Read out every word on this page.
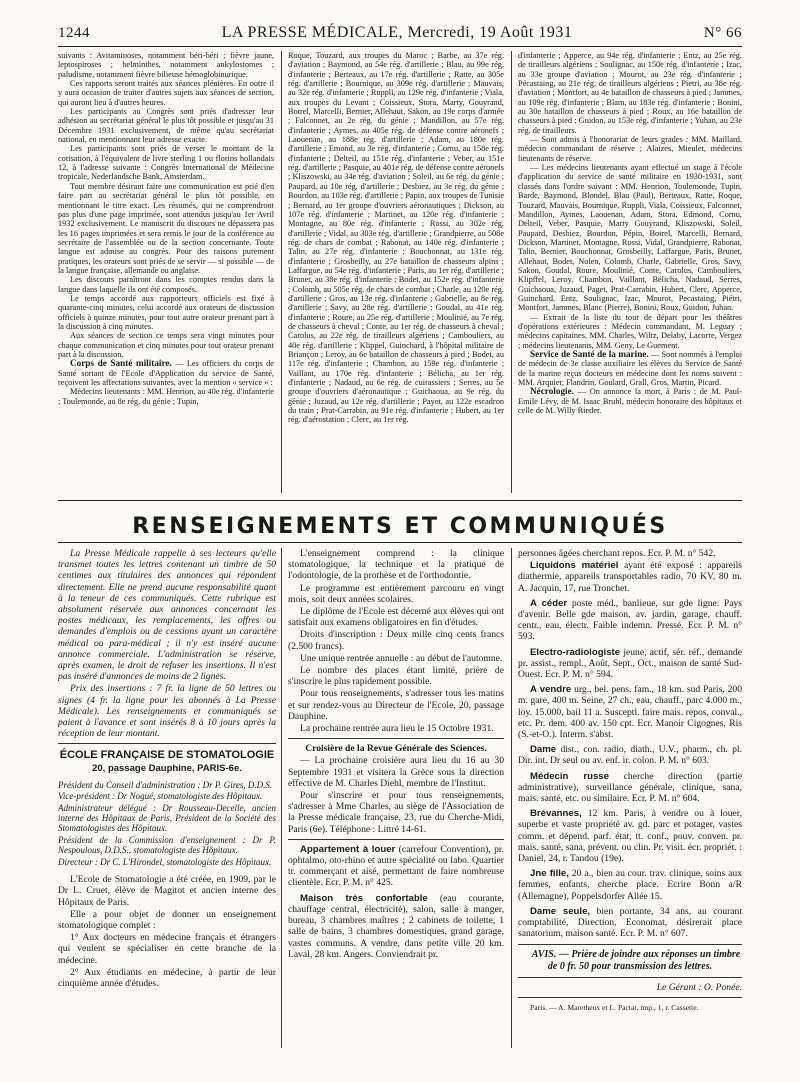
1244	LA PRESSE MÉDICALE, Mercredi, 19 Août 1931	N° 66

suivants : Avitaminoses, notamment béri-béri ; fièvre jaune, leptospiroses ; helminthes, notamment ankylostomes ; paludisme, notamment fièvre bilieuse hémoglobinurique.

Ces rapports seront traités aux séances plénières. En outre il y aura occasion de traiter d'autres sujets aux séances de section, qui auront lieu à d'autres heures.

Les participants au Congrès sont priés d'adresser leur adhésion au secrétariat général le plus tôt possible et jusqu'au 31 Décembre 1931 exclusivement, de même qu'au secrétariat national, en mentionnant leur adresse exacte.

Les participants sont priés de verser le montant de la cotisation, à l'équivalent de livre sterling 1 ou florins hollandais 12, à l'adresse suivante : Congrès International de Médecine tropicale, Nederlandsche Bank, Amsterdam.

Tout membre désirant faire une communication est prié d'en faire part au secrétariat général le plus tôt possible, en mentionnant le titre exact. Les résumés, qui ne comprendront pas plus d'une page imprimée, sont attendus jusqu'au 1er Avril 1932 exclusivement. Le manuscrit du discours ne dépassera pas les 16 pages imprimées et sera remis le jour de la conférence au secrétaire de l'assemblée ou de la section concernante. Toute langue est admise au congrès. Pour des raisons purement pratiques, les orateurs sont priés de se servir — si possible — de la langue française, allemande ou anglaise.

Les discours paraîtront dans les comptes rendus dans la langue dans laquelle ils ont été composés.

Le temps accordé aux rapporteurs officiels est fixé à quarante-cinq minutes, celui accordé aux orateurs de discussion officiels à quinze minutes, pour tout autre orateur prenant part à la discussion à cinq minutes.

Aux séances de section ce temps sera vingt minutes pour chaque communication et cinq minutes pour tout orateur prenant part à la discussion.

Corps de Santé militaire. — Les officiers du corps de Santé sortant de l'Ecole d'Application du service de Santé, reçoivent les affectations suivantes, avec la mention « service » :

Médecins lieutenants : MM. Henrion, au 40e rég. d'infanterie ; Toulemonde, au 8e rég. du génie ; Tupin,

Roque, Touzard, aux troupes du Maroc ; Barbe, au 37e rég. d'aviation ; Baymond, au 54e rég. d'artillerie ; Blau, au 99e rég. d'infanterie ; Berteaux, au 17e rég. d'artillerie ; Ratte, au 305e rég. d'artillerie ; Bournique, au 309e rég. d'artillerie ; Mauvais, au 32e rég. d'infanterie ; Ruppli, au 129e rég. d'infanterie ; Viala, aux troupes du Levant ; Coissieux, Stora, Marty, Gouyrand, Botrel, Marcelli, Bernier, Allehaut, Sakon, au 19e corps d'armée ; Falconnet, au 2e rég. du génie ; Mandillon, au 57e rég. d'infanterie ; Aymes, au 405e rég. de défense contre aéronefs ; Laouenan, au 188e rég. d'artillerie ; Adam, au 180e rég. d'artillerie ; Emond, au 3e rég. d'infanterie ; Cornu, au 158e rég. d'infanterie ; Delteil, au 151e rég. d'infanterie ; Veber, au 151e rég. d'artillerie ; Pasquie, au 401e rég. de défense contre aéronefs ; Kliszowski, au 34e rég. d'aviation ; Soleil, au 6e rég. du génie ; Paupard, au 10e rég. d'artillerie ; Desbiez, au 3e rég. du génie ; Bourdon, au 103e rég. d'artillerie ; Papin, aux troupes de Tunisie ; Bernard, au 1er groupe d'ouvriers aéronautiques ; Dickson, au 107e rég. d'infanterie ; Martinet, au 120e rég. d'infanterie ; Montagne, au 80e rég. d'infanterie ; Rossi, au 302e rég. d'artillerie ; Vidal, au 303e rég. d'artillerie ; Grandpierre, au 508e rég. de chars de combat ; Rabonat, au 140e rég. d'infanterie ; Talin, au 27e rég. d'infanterie ; Bouchonnat, au 131e rég. d'infanterie ; Grosbeilly, au 27e bataillon de chasseurs alpins ; Laffargue, au 54e rég. d'infanterie ; Paris, au 1er rég. d'artillerie ; Brunet, au 38e rég. d'infanterie ; Bodet, au 152e rég. d'infanterie ; Colomb, au 505e rég. de chars de combat ; Charle, au 120e rég. d'artillerie ; Gros, au 13e rég. d'infanterie ; Gabrielle, au 8e rég. d'artillerie ; Savy, au 28e rég. d'artillerie ; Goudal, au 41e rég. d'infanterie ; Roure, au 25e rég. d'artillerie ; Moulinié, au 7e rég. de chasseurs à cheval ; Conte, au 1er rég. de chasseurs à cheval ; Carolus, au 22e rég. de tirailleurs algériens ; Cambouliers, au 40e rég. d'artillerie ; Klippel, Guinchard, à l'hôpital militaire de Briançon ; Leroy, au 6e bataillon de chasseurs à pied ; Bodet, au 117e rég. d'infanterie ; Chambon, au 159e rég. d'infanterie ; Vaillant, au 170e rég. d'infanterie ; Bélicha, au 1er rég. d'infanterie ; Nadaud, au 6e rég. de cuirassiers ; Serres, au 5e groupe d'ouvriers d'aéronautique ; Guichaoua, au 9e rég. du génie ; Juzaud, au 12e rég. d'artillerie ; Payet, au 122e escadron du train ; Prat-Carrabin, au 91e rég. d'infanterie ; Hubert, au 1er rég. d'aérostation ; Clerc, au 1er rég.

d'infanterie ; Apperce, au 94e rég. d'infanterie ; Entz, au 25e rég. de tirailleurs algériens ; Soulignac, au 150e rég. d'infanterie ; Izac, au 33e groupe d'aviation ; Mourot, au 23e rég. d'infanterie ; Pécastaing, au 21e rég. de tirailleurs algériens ; Pietri, au 38e rég. d'aviation ; Montfort, au 4e bataillon de chasseurs à pied ; Jammes, au 109e rég. d'infanterie ; Blam, au 183e rég. d'infanterie ; Bonini, au 30e bataillon de chasseurs à pied ; Roux, au 16e bataillon de chasseurs à pied ; Guidon, au 153e rég. d'infanterie ; Yuhan, au 23e rég. de tirailleurs.

— Sont admis à l'honorariat de leurs grades : MM. Maillard, médecin commandant de réserve ; Alaizes, Mieulet, médecins lieutenants de réserve.

— Les médecins lieutenants ayant effectué un stage à l'école d'application du service de santé militaire en 1930-1931, sont classés dans l'ordre suivant : MM. Henrion, Toulemonde, Tupin, Barde, Baymond, Blondel, Blau (Paul), Berteaux, Ratte, Roque, Touzard, Mauvais, Bournique, Ruppli, Viala, Coissieux, Falconnet, Mandillon, Aymes, Laouenan, Adam, Stora, Edmond, Cornu, Delteil, Veber, Pasquie, Marty Gouyrand, Kliszowski, Soleil, Paupard, Desbiez, Bourdon, Pépin, Botrel, Marcelli, Bernard, Dickson, Martinet, Montagne, Rossi, Vidal, Grandpierre, Rabonat, Talin, Bernier, Bouchonnat, Grosbeilly, Laffargue, Paris, Brunet, Allehaut, Bodet, Nolen, Colomb, Charle, Gabrielle, Gros, Savy, Sakon, Goudal, Roure, Moulinié, Conte, Carolus, Cambouliers, Klipffel, Leroy, Chambon, Vaillant, Bélicha, Nadaud, Serres, Guichaoua, Juzaud, Paget, Prat-Carrabin, Hubert, Clerc, Apperce, Guinchard, Entz, Soulignac, Izac, Mourot, Pecastaing, Piétri, Montfort, Jammes, Blanc (Pierre), Bonini, Roux, Guidon, Juhan.

— Extrait de la liste du tour de départ pour les théâtres d'opérations extérieures : Médecin commandant, M. Leguay ; médecins capitaines, MM. Charles, Wiltz, Delaby, Lacorre, Vergez ; médecins lieutenants, MM. Geny, Le Guement.

Service de Santé de la marine. — Sont nommés à l'emploi de médecin de 3e classe auxiliaire les élèves du Service de Santé de la marine reçus docteurs en médecine dont les noms suivent : MM. Arquier, Flandrin, Goulard, Grall, Gros, Martin, Picard.

Nécrologie. — On annonce la mort, à Paris : de M. Paul-Emile Lévy, de M. Isaac Bruhl, médecin honoraire des hôpitaux et celle de M. Willy Rieder.

RENSEIGNEMENTS ET COMMUNIQUÉS

La Presse Médicale rappelle à ses lecteurs qu'elle transmet toutes les lettres contenant un timbre de 50 centimes aux titulaires des annonces qui répondent directement. Elle ne prend aucune responsabilité quant à la teneur de ces communiqués. Cette rubrique est absolument réservée aux annonces concernant les postes médicaux, les remplacements, les offres ou demandes d'emplois ou de cessions ayant un caractère médical ou para-médical ; il n'y est inséré aucune annonce commerciale. L'administration se réserve, après examen, le droit de refuser les insertions. Il n'est pas inséré d'annonces de moins de 2 lignes.

Prix des insertions : 7 fr. la ligne de 50 lettres ou signes (4 fr. la ligne pour les abonnés à La Presse Médicale). Les renseignements et communiqués se paient à l'avance et sont insérés 8 à 10 jours après la réception de leur montant.

ÉCOLE FRANÇAISE DE STOMATOLOGIE

20, passage Dauphine, PARIS-6e.

Président du Conseil d'administration : Dr P. Gires, D.D.S.

Vice-président : Dr Nogué, stomatologiste des Hôpitaux.

Administrateur délégué : Dr Rousseau-Decelle, ancien interne des Hôpitaux de Paris, Président de la Société des Stomatologistes des Hôpitaux.

Président de la Commission d'enseignement : Dr P. Nespoulous, D.D.S., stomatologiste des Hôpitaux.

Directeur : Dr C. L'Hirondel, stomatologiste des Hôpitaux.

L'Ecole de Stomatologie a été créée, en 1909, par le Dr L. Cruet, élève de Magitot et ancien interne des Hôpitaux de Paris.

Elle a pour objet de donner un enseignement stomatologique complet :

1° Aux docteurs en médecine français et étrangers qui veulent se spécialiser en cette branche de la médecine.

2° Aux étudiants en médecine, à partir de leur cinquième année d'études.

L'enseignement comprend : la clinique stomatologique, la technique et la pratique de l'odontologie, de la prothèse et de l'orthodontie.

Le programme est entièrement parcouru en vingt mois, soit deux années scolaires.

Le diplôme de l'Ecole est décerné aux élèves qui ont satisfait aux examens obligatoires en fin d'études.

Droits d'inscription : Deux mille cinq cents francs (2.500 francs).

Une unique rentrée annuelle : au début de l'automne.

Le nombre des places étant limité, prière de s'inscrire le plus rapidement possible.

Pour tous renseignements, s'adresser tous les matins et sur rendez-vous au Directeur de l'Ecole, 20, passage Dauphine.

La prochaine rentrée aura lieu le 15 Octobre 1931.

Croisière de la Revue Générale des Sciences.

— La prochaine croisière aura lieu du 16 au 30 Septembre 1931 et visitera la Grèce sous la direction effective de M. Charles Diehl, membre de l'Institut.

Pour s'inscrire et pour tous renseignements, s'adresser à Mme Charles, au siège de l'Association de la Presse médicale française, 23, rue du Cherche-Midi, Paris (6e). Téléphone : Littré 14-61.

Appartement à louer (carrefour Convention), pr. ophtalmo, oto-rhino et autre spécialité ou labo. Quartier tr. commerçant et aisé, permettant de faire nombreuse clientèle. Ecr. P. M. n° 425.

Maison très confortable (eau courante, chauffage central, électricité), salon, salle à manger, bureau, 3 chambres maîtres ; 2 cabinets de toilette, 1 salle de bains, 3 chambres domestiques, grand garage, vastes communs. A vendre, dans petite ville 20 km. Laval, 28 km. Angers. Conviendrait pr.

personnes âgées cherchant repos. Ecr. P. M. n° 542.

Liquidons matériel ayant été exposé : appareils diathermie, appareils transportables radio, 70 KV, 80 m. A. Jacquin, 17, rue Tronchet.

A céder poste méd., banlieue, sur gde ligne. Pays d'avenir. Belle gde maison, av. jardin, garage, chauff. centr., eau, électr. Faible indemn. Pressé. Ecr. P. M. n° 593.

Electro-radiologiste jeune, actif, sér. réf., demande pr. assist., rempl., Août, Sept., Oct., maison de santé Sud-Ouest. Ecr. P. M. n° 594.

A vendre urg., bel. pens. fam., 18 km. sud Paris, 200 m. gare, 400 m. Seine, 27 ch., eau, chauff., parc 4.000 m., loy. 15.000, bail 11 a. Susceptl. faire mais. repos, conval., etc. Pr. dem. 400 av. 150 cpt. Ecr. Manoir Cigognes, Ris (S.-et-O.). Interm. s'abst.

Dame dist., con. radio, diath., U.V., pharm., ch. pl. Dir. int. Dr seul ou av. enf. ir. colon. P. M. n° 603.

Médecin russe cherche direction (partie administrative), surveillance générale, clinique, sana, mais. santé, etc. ou similaire. Ecr. P. M. n° 604.

Brévannes, 12 km. Paris, à vendre ou à louer, superbe et vaste propriété av. gd. parc et potager, vastes comm. et dépend. parf. état, tt. conf., pouv. conven. pr. mais. santé, sana, prévent. ou clin. Pr. visit. écr. propriét. : Daniel, 24, r. Tandou (19e).

Jne fille, 20 a., bien au cour. trav. clinique, soins aux femmes, enfants, cherche place. Ecrire Bonn a/R (Allemagne), Poppelsdorfer Allée 15.

Dame seule, bien portante, 34 ans, au courant comptabilité, Direction, Economat, désirerait place sanatorium, maison santé. Ecr. P. M. n° 607.

AVIS. — Prière de joindre aux réponses un timbre de 0 fr. 50 pour transmission des lettres.

Le Gérant : O. Ponée.

Paris. — A. Maretheux et L. Pactat, imp., 1, r. Cassette.
